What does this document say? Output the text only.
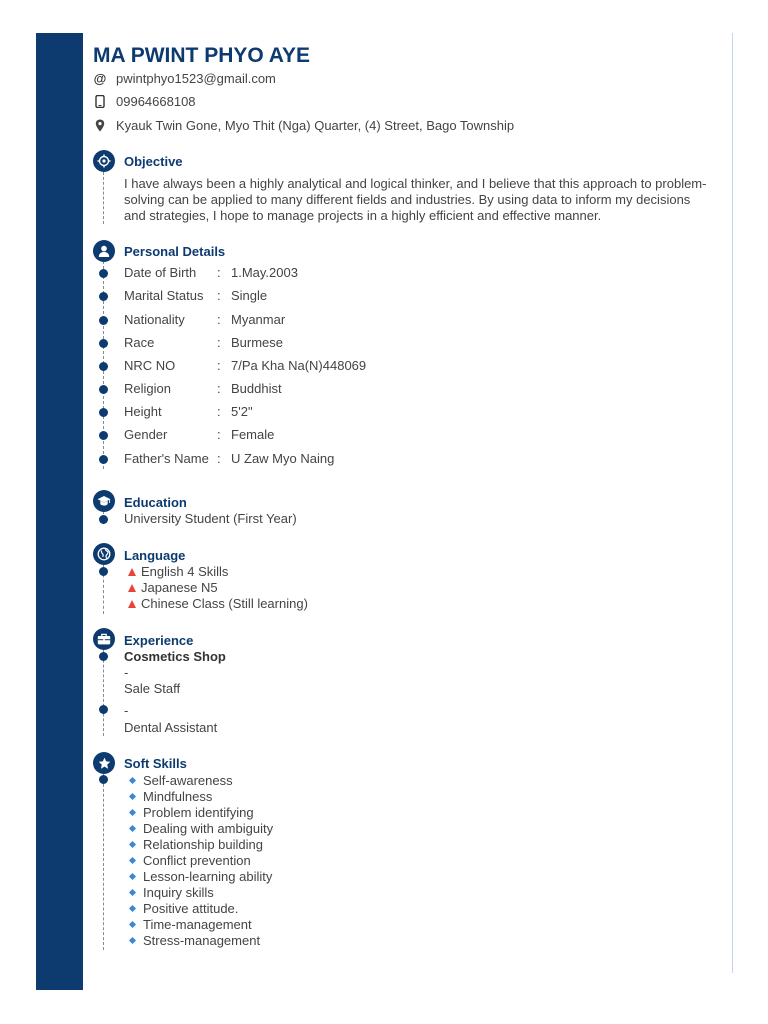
MA PWINT PHYO AYE
@ pwintphyo1523@gmail.com
09964668108
Kyauk Twin Gone, Myo Thit (Nga) Quarter, (4) Street, Bago Township
Objective
I have always been a highly analytical and logical thinker, and I believe that this approach to problem-solving can be applied to many different fields and industries. By using data to inform my decisions and strategies, I hope to manage projects in a highly efficient and effective manner.
Personal Details
Date of Birth : 1.May.2003
Marital Status : Single
Nationality : Myanmar
Race	: Burmese
NRC NO	: 7/Pa Kha Na(N)448069
Religion	: Buddhist
Height	: 5'2"
Gender	: Female
Father's Name : U Zaw Myo Naing
Education
University Student (First Year)
Language
English 4 Skills
Japanese N5
Chinese Class (Still learning)
Experience
Cosmetics Shop
-
Sale Staff
-
Dental Assistant
Soft Skills
Self-awareness
Mindfulness
Problem identifying
Dealing with ambiguity
Relationship building
Conflict prevention
Lesson-learning ability
Inquiry skills
Positive attitude.
Time-management
Stress-management
